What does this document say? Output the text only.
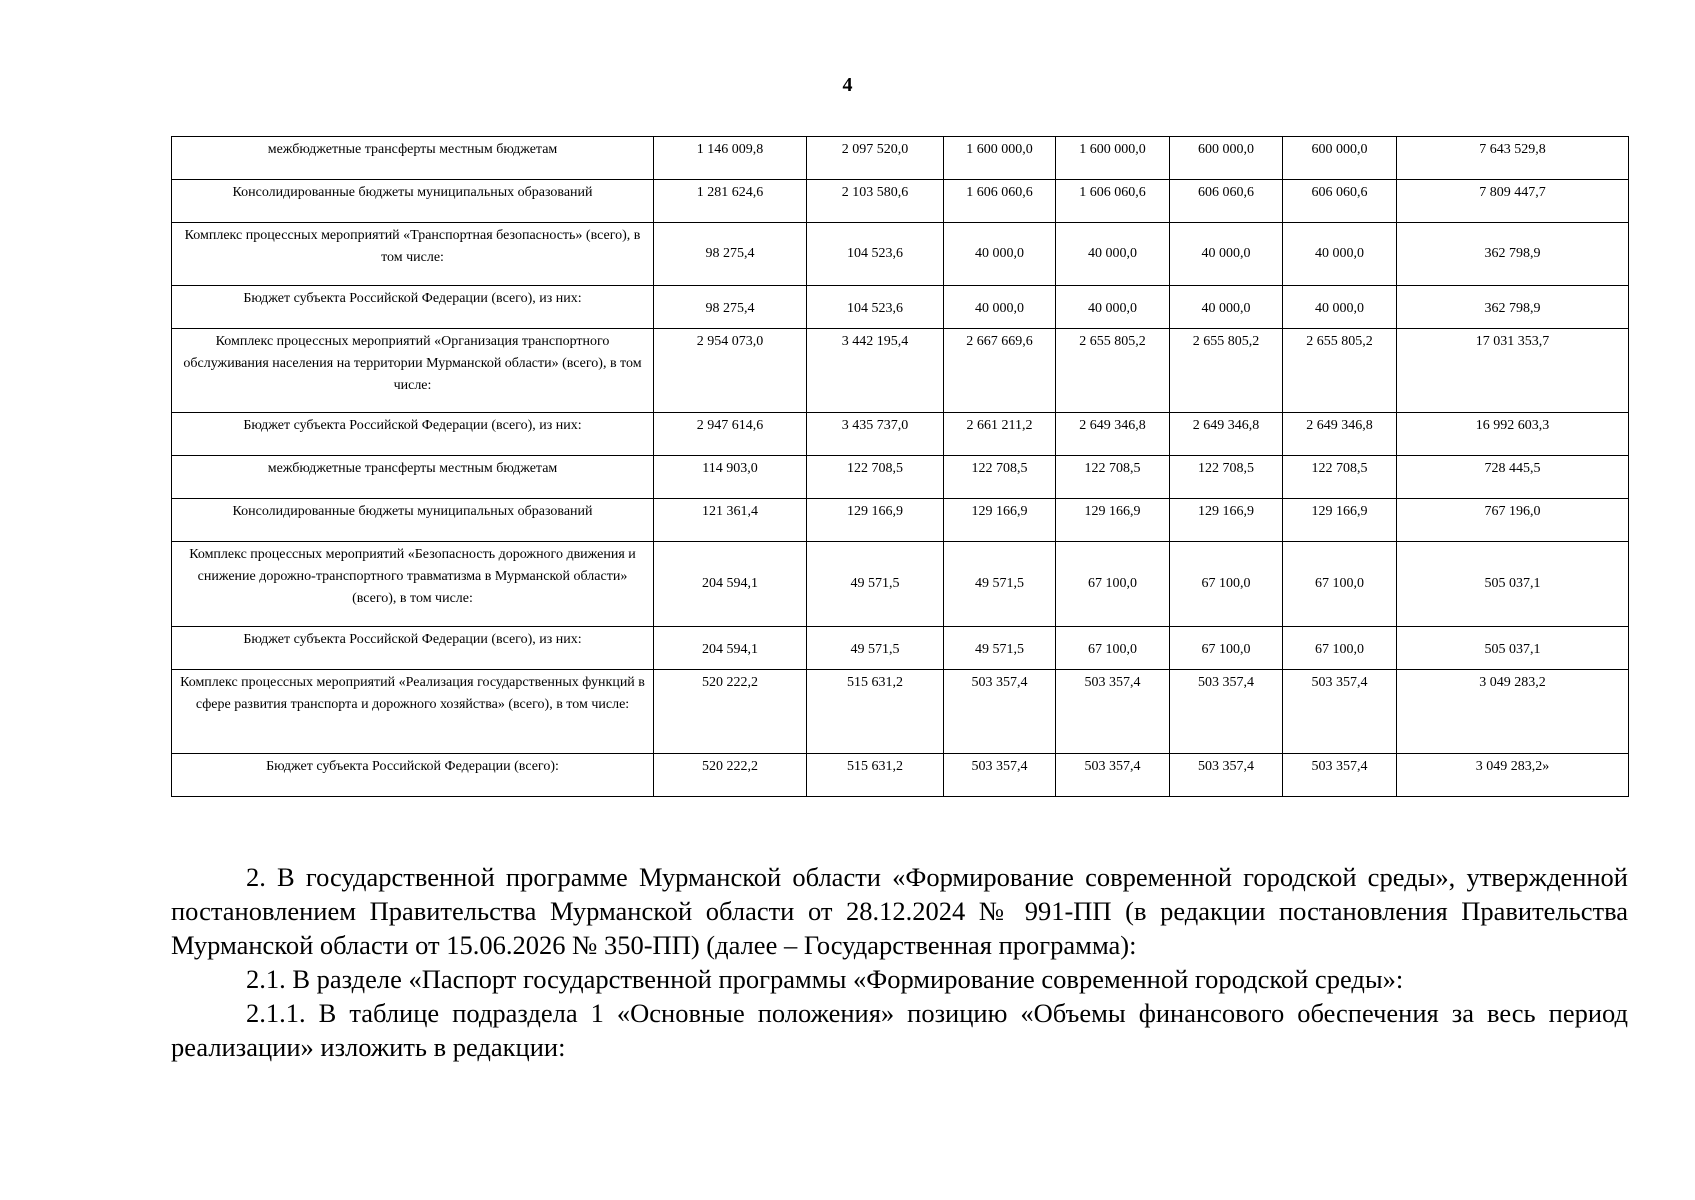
4
межбюджетные трансферты местным бюджетам	1 146 009,8	2 097 520,0	1 600 000,0	1 600 000,0	600 000,0	600 000,0	7 643 529,8
Консолидированные бюджеты муниципальных образований	1 281 624,6	2 103 580,6	1 606 060,6	1 606 060,6	606 060,6	606 060,6	7 809 447,7
Комплекс процессных мероприятий «Транспортная безопасность» (всего), в том числе:	98 275,4	104 523,6	40 000,0	40 000,0	40 000,0	40 000,0	362 798,9
Бюджет субъекта Российской Федерации (всего), из них:	98 275,4	104 523,6	40 000,0	40 000,0	40 000,0	40 000,0	362 798,9
Комплекс процессных мероприятий «Организация транспортного обслуживания населения на территории Мурманской области» (всего), в том числе:	2 954 073,0	3 442 195,4	2 667 669,6	2 655 805,2	2 655 805,2	2 655 805,2	17 031 353,7
Бюджет субъекта Российской Федерации (всего), из них:	2 947 614,6	3 435 737,0	2 661 211,2	2 649 346,8	2 649 346,8	2 649 346,8	16 992 603,3
межбюджетные трансферты местным бюджетам	114 903,0	122 708,5	122 708,5	122 708,5	122 708,5	122 708,5	728 445,5
Консолидированные бюджеты муниципальных образований	121 361,4	129 166,9	129 166,9	129 166,9	129 166,9	129 166,9	767 196,0
Комплекс процессных мероприятий «Безопасность дорожного движения и снижение дорожно-транспортного травматизма в Мурманской области» (всего), в том числе:	204 594,1	49 571,5	49 571,5	67 100,0	67 100,0	67 100,0	505 037,1
Бюджет субъекта Российской Федерации (всего), из них:	204 594,1	49 571,5	49 571,5	67 100,0	67 100,0	67 100,0	505 037,1
Комплекс процессных мероприятий «Реализация государственных функций в сфере развития транспорта и дорожного хозяйства» (всего), в том числе:	520 222,2	515 631,2	503 357,4	503 357,4	503 357,4	503 357,4	3 049 283,2
Бюджет субъекта Российской Федерации (всего):	520 222,2	515 631,2	503 357,4	503 357,4	503 357,4	503 357,4	3 049 283,2»

2. В государственной программе Мурманской области «Формирование современной городской среды», утвержденной постановлением Правительства Мурманской области от 28.12.2024 № 991-ПП (в редакции постановления Правительства Мурманской области от 15.06.2026 № 350-ПП) (далее – Государственная программа):

2.1. В разделе «Паспорт государственной программы «Формирование современной городской среды»:

2.1.1. В таблице подраздела 1 «Основные положения» позицию «Объемы финансового обеспечения за весь период реализации» изложить в редакции:
